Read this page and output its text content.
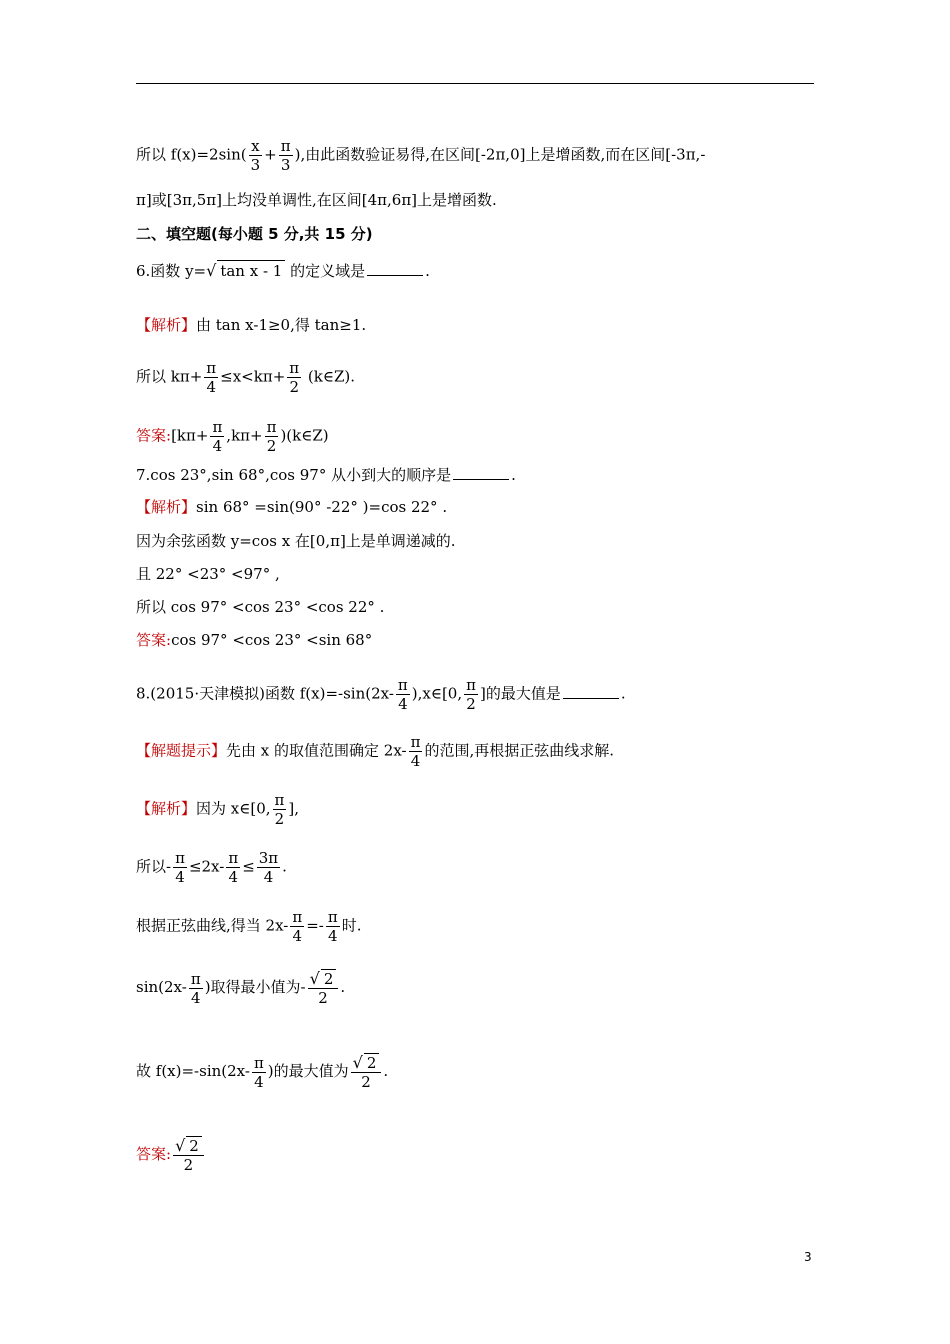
所以 $f(x)=2\sin( \frac{x}{3} + \frac{\pi}{3}$ ),由此函数验证易得,在区间[-2π,0]上是增函数,而在区间[-3π,-
π]或[3π,5π]上均没单调性,在区间[4π,6π]上是增函数.
二、填空题(每小题 5 分,共 15 分)
6.函数 y=√ tan x - 1 的定义域是	.
【解析】由 tan x-1≥0,得 tan≥1.
所以 $k\pi+ \frac{\pi}{4} \le x<k\pi+ \frac{\pi}{2}$ (k∈Z).
答案:[kπ+ $\frac{\pi}{4} ,k\pi+ \frac{\pi}{2}$ )(k∈Z)
7.cos 23°,sin 68°,cos 97° 从小到大的顺序是	.
【解析】sin 68° =sin(90° -22° )=cos 22° .
因为余弦函数 y=cos x 在[0,π]上是单调递减的.
且 22° <23° <97° ,
所以 cos 97° <cos 23° <cos 22° .
答案:cos 97° <cos 23° <sin 68°
8.(2015·天津模拟)函数 $f(x)=-\sin(2x- \frac{\pi}{4}$ ),x∈[0, $\frac{\pi}{2}$ ]的最大值是	.
【解题提示】先由 x 的取值范围确定 $2x- \frac{\pi}{4}$ 的范围,再根据正弦曲线求解.
【解析】因为 x∈[0, $\frac{\pi}{2}$ ],
所以- $\frac{\pi}{4} \le 2x- \frac{\pi}{4} \le \frac{3\pi}{4}$ .
根据正弦曲线,得当 $2x- \frac{\pi}{4} =- \frac{\pi}{4}$ 时.
$\sin(2x- \frac{\pi}{4}$ )取得最小值为- $\frac{√ 2}{2}$ .
故 $f(x)=-\sin(2x- \frac{\pi}{4}$ )的最大值为 $\frac{√ 2}{2}$ .
答案: $\frac{√ 2}{2}$
3
